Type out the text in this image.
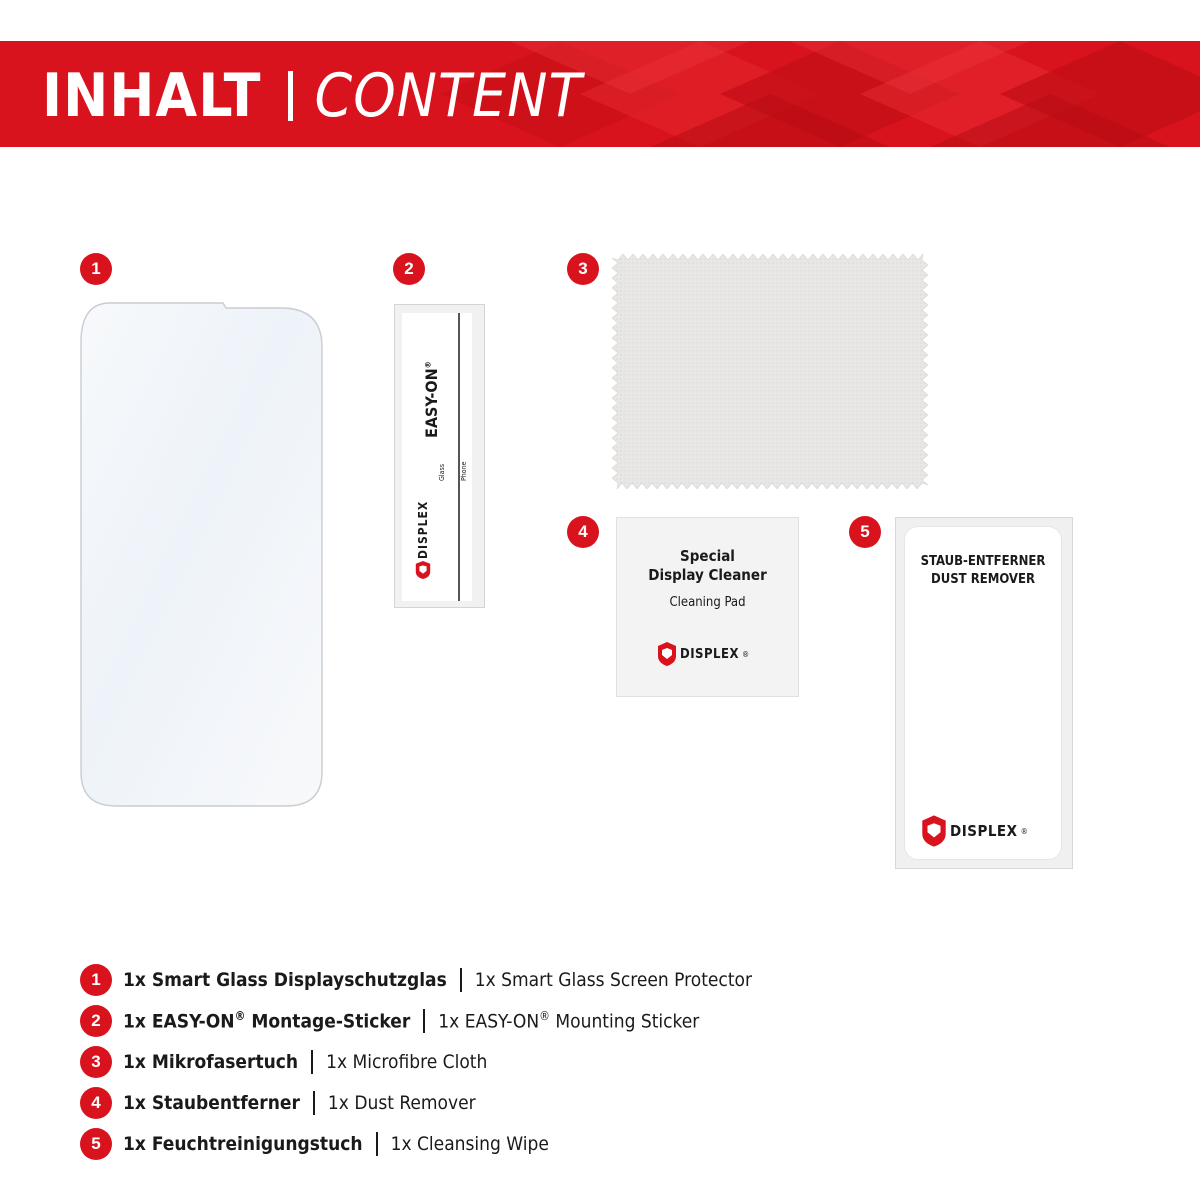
INHALT CONTENT
1	2
EASY-ON®
Glass Phone
DISPLEX
3
4
Special
Display Cleaner
Cleaning Pad
DISPLEX ®
5
STAUB-ENTFERNER
DUST REMOVER
DISPLEX ®
1	1x Smart Glass Displayschutzglas 1x Smart Glass Screen Protector
2	1x EASY-ON® Montage-Sticker 1x EASY-ON® Mounting Sticker
3	1x Mikrofasertuch 1x Microfibre Cloth
4	1x Staubentferner 1x Dust Remover
5	1x Feuchtreinigungstuch 1x Cleansing Wipe
